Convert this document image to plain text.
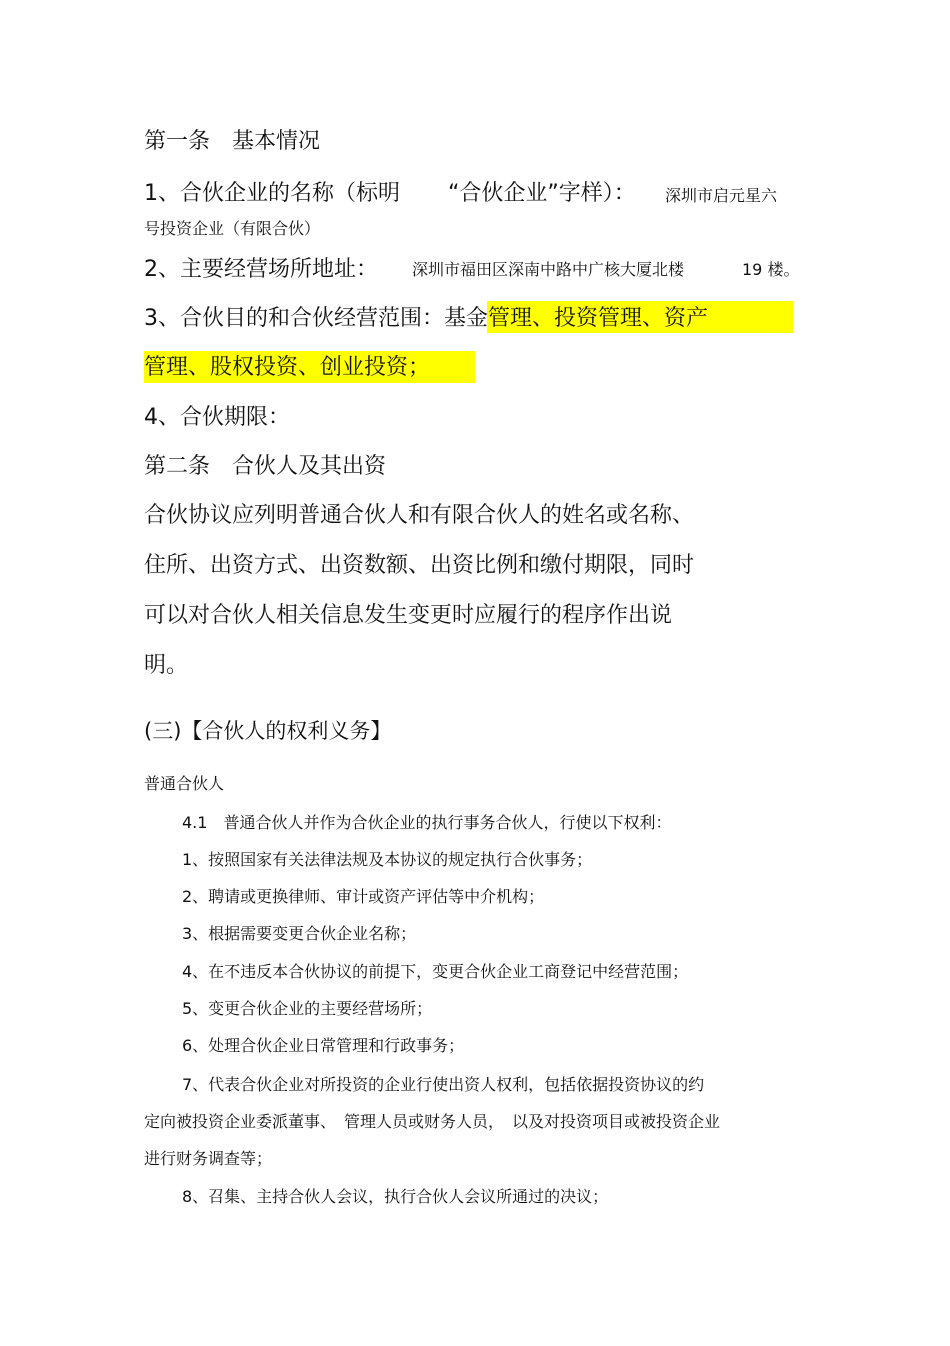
第一条　基本情况
1、合伙企业的名称（标明 “合伙企业”字样）： 深圳市启元星六
号投资企业（有限合伙）
2、主要经营场所地址： 深圳市福田区深南中路中广核大厦北楼	19 楼。
3、合伙目的和合伙经营范围：基金管理、投资管理、资产
管理、股权投资、创业投资；
4、合伙期限：
第二条　合伙人及其出资
合伙协议应列明普通合伙人和有限合伙人的姓名或名称、
住所、出资方式、出资数额、出资比例和缴付期限，同时
可以对合伙人相关信息发生变更时应履行的程序作出说
明。
(三)【合伙人的权利义务】
普通合伙人
4.1　普通合伙人并作为合伙企业的执行事务合伙人，行使以下权利：
1、按照国家有关法律法规及本协议的规定执行合伙事务；
2、聘请或更换律师、审计或资产评估等中介机构；
3、根据需要变更合伙企业名称；
4、在不违反本合伙协议的前提下，变更合伙企业工商登记中经营范围；
5、变更合伙企业的主要经营场所；
6、处理合伙企业日常管理和行政事务；
7、代表合伙企业对所投资的企业行使出资人权利，包括依据投资协议的约
定向被投资企业委派董事、　管理人员或财务人员，　以及对投资项目或被投资企业
进行财务调查等；
8、召集、主持合伙人会议，执行合伙人会议所通过的决议；
